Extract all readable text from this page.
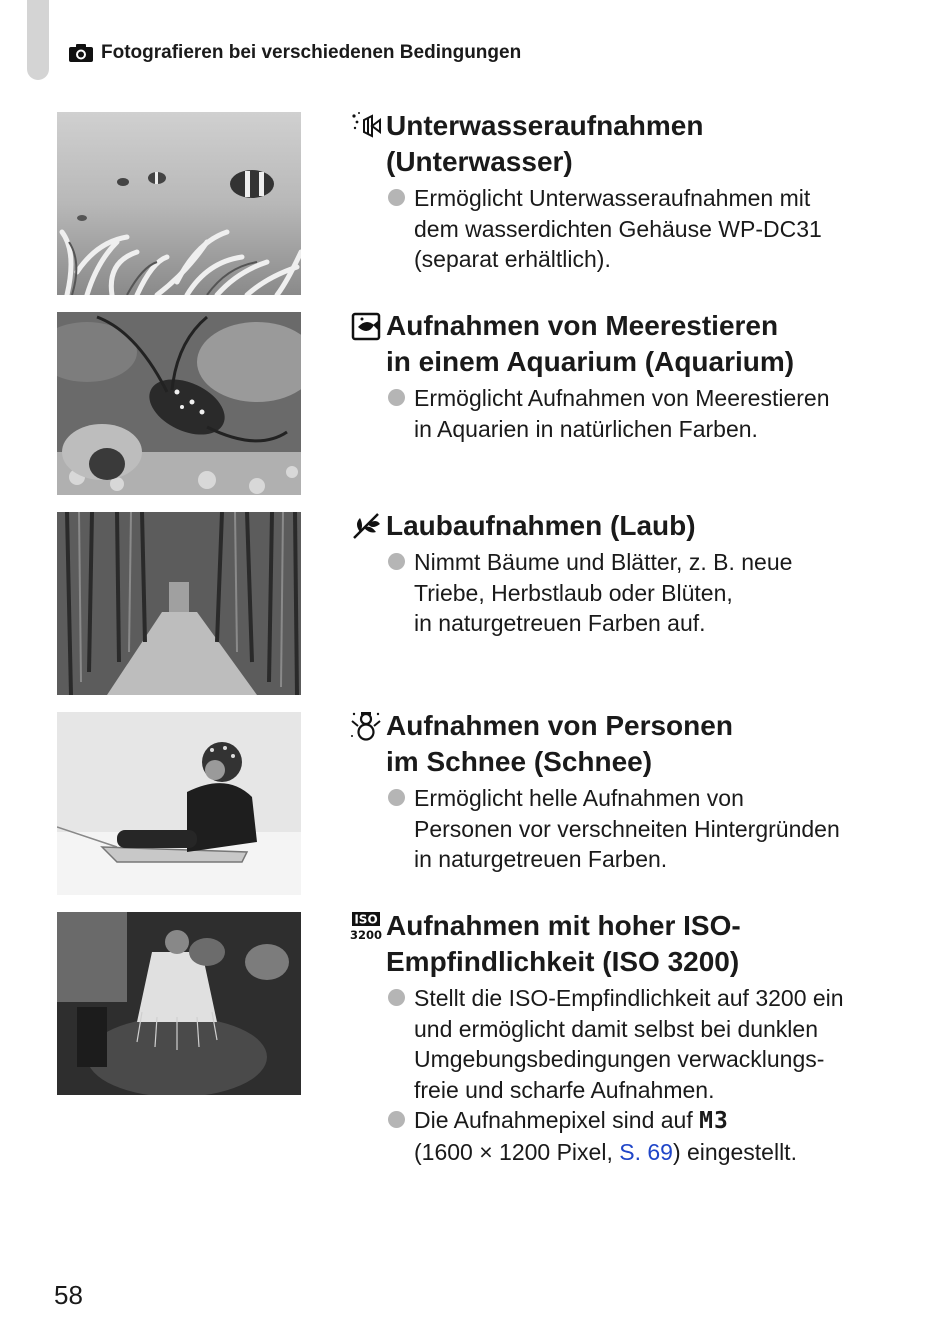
Fotografieren bei verschiedenen Bedingungen
Unterwasseraufnahmen
(Unterwasser)
Ermöglicht Unterwasseraufnahmen mit
dem wasserdichten Gehäuse WP-DC31
(separat erhältlich).
Aufnahmen von Meerestieren
in einem Aquarium (Aquarium)
Ermöglicht Aufnahmen von Meerestieren
in Aquarien in natürlichen Farben.
Laubaufnahmen (Laub)
Nimmt Bäume und Blätter, z. B. neue
Triebe, Herbstlaub oder Blüten,
in naturgetreuen Farben auf.
Aufnahmen von Personen
im Schnee (Schnee)
Ermöglicht helle Aufnahmen von
Personen vor verschneiten Hintergründen
in naturgetreuen Farben.
ISO
3200 Aufnahmen mit hoher ISO-
Empfindlichkeit (ISO 3200)
Stellt die ISO-Empfindlichkeit auf 3200 ein
und ermöglicht damit selbst bei dunklen
Umgebungsbedingungen verwacklungs-
freie und scharfe Aufnahmen.
Die Aufnahmepixel sind auf M3
(1600 × 1200 Pixel, S. 69) eingestellt.
58
